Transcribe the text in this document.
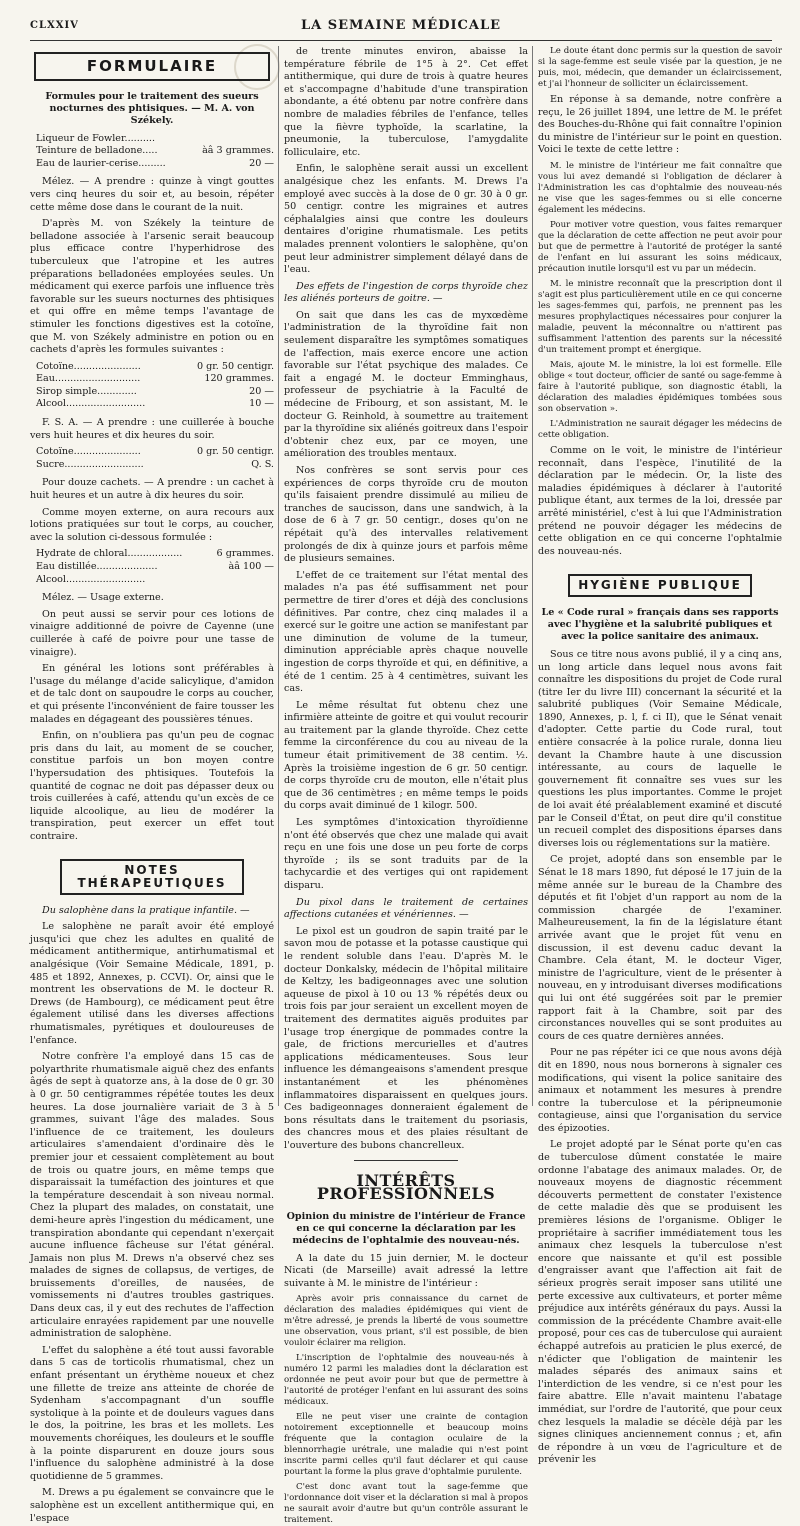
CLXXIV	LA SEMAINE MÉDICALE
FORMULAIRE
Formules pour le traitement des sueurs nocturnes des phtisiques. — M. A. von Székely.
Liqueur de Fowler..........
Teinture de belladone.....	àâ 3 grammes.
Eau de laurier-cerise.........	20 —

Mélez. — A prendre : quinze à vingt gouttes vers cinq heures du soir et, au besoin, répéter cette même dose dans le courant de la nuit.

D'après M. von Székely la teinture de belladone associée à l'arsenic serait beaucoup plus efficace contre l'hyperhidrose des tuberculeux que l'atropine et les autres préparations belladonées employées seules. Un médicament qui exerce parfois une influence très favorable sur les sueurs nocturnes des phtisiques et qui offre en même temps l'avantage de stimuler les fonctions digestives est la cotoïne, que M. von Székely administre en potion ou en cachets d'après les formules suivantes :

Cotoïne......................	0 gr. 50 centigr.
Eau............................	120 grammes.
Sirop simple.............	20 —
Alcool..........................	10 —

F. S. A. — A prendre : une cuillerée à bouche vers huit heures et dix heures du soir.

Cotoïne......................	0 gr. 50 centigr.
Sucre..........................	Q. S.

Pour douze cachets. — A prendre : un cachet à huit heures et un autre à dix heures du soir.

Comme moyen externe, on aura recours aux lotions pratiquées sur tout le corps, au coucher, avec la solution ci-dessous formulée :

Hydrate de chloral..................	6 grammes.
Eau distillée....................	àâ 100 —
Alcool..........................

Mélez. — Usage externe.

On peut aussi se servir pour ces lotions de vinaigre additionné de poivre de Cayenne (une cuillerée à café de poivre pour une tasse de vinaigre).

En général les lotions sont préférables à l'usage du mélange d'acide salicylique, d'amidon et de talc dont on saupoudre le corps au coucher, et qui présente l'inconvénient de faire tousser les malades en dégageant des poussières ténues.

Enfin, on n'oubliera pas qu'un peu de cognac pris dans du lait, au moment de se coucher, constitue parfois un bon moyen contre l'hypersudation des phtisiques. Toutefois la quantité de cognac ne doit pas dépasser deux ou trois cuillerées à café, attendu qu'un excès de ce liquide alcoolique, au lieu de modérer la transpiration, peut exercer un effet tout contraire.

NOTES THÉRAPEUTIQUES

Du salophène dans la pratique infantile. —

Le salophène ne paraît avoir été employé jusqu'ici que chez les adultes en qualité de médicament antithermique, antirhumatismal et analgésique (Voir Semaine Médicale, 1891, p. 485 et 1892, Annexes, p. CCVI). Or, ainsi que le montrent les observations de M. le docteur R. Drews (de Hambourg), ce médicament peut être également utilisé dans les diverses affections rhumatismales, pyrétiques et douloureuses de l'enfance.

Notre confrère l'a employé dans 15 cas de polyarthrite rhumatismale aiguë chez des enfants âgés de sept à quatorze ans, à la dose de 0 gr. 30 à 0 gr. 50 centigrammes répétée toutes les deux heures. La dose journalière variait de 3 à 5 grammes, suivant l'âge des malades. Sous l'influence de ce traitement, les douleurs articulaires s'amendaient d'ordinaire dès le premier jour et cessaient complètement au bout de trois ou quatre jours, en même temps que disparaissait la tuméfaction des jointures et que la température descendait à son niveau normal. Chez la plupart des malades, on constatait, une demi-heure après l'ingestion du médicament, une transpiration abondante qui cependant n'exerçait aucune influence fâcheuse sur l'état général. Jamais non plus M. Drews n'a observé chez ses malades de signes de collapsus, de vertiges, de bruissements d'oreilles, de nausées, de vomissements ni d'autres troubles gastriques. Dans deux cas, il y eut des rechutes de l'affection articulaire enrayées rapidement par une nouvelle administration de salophène.

L'effet du salophène a été tout aussi favorable dans 5 cas de torticolis rhumatismal, chez un enfant présentant un érythème noueux et chez une fillette de treize ans atteinte de chorée de Sydenham s'accompagnant d'un souffle systolique à la pointe et de douleurs vagues dans le dos, la poitrine, les bras et les mollets. Les mouvements choréiques, les douleurs et le souffle à la pointe disparurent en douze jours sous l'influence du salophène administré à la dose quotidienne de 5 grammes.

M. Drews a pu également se convaincre que le salophène est un excellent antithermique qui, en l'espace

de trente minutes environ, abaisse la température fébrile de 1°5 à 2°. Cet effet antithermique, qui dure de trois à quatre heures et s'accompagne d'habitude d'une transpiration abondante, a été obtenu par notre confrère dans nombre de maladies fébriles de l'enfance, telles que la fièvre typhoïde, la scarlatine, la pneumonie, la tuberculose, l'amygdalite folliculaire, etc.

Enfin, le salophène serait aussi un excellent analgésique chez les enfants. M. Drews l'a employé avec succès à la dose de 0 gr. 30 à 0 gr. 50 centigr. contre les migraines et autres céphalalgies ainsi que contre les douleurs dentaires d'origine rhumatismale. Les petits malades prennent volontiers le salophène, qu'on peut leur administrer simplement délayé dans de l'eau.

Des effets de l'ingestion de corps thyroïde chez les aliénés porteurs de goitre. —

On sait que dans les cas de myxœdème l'administration de la thyroïdine fait non seulement disparaître les symptômes somatiques de l'affection, mais exerce encore une action favorable sur l'état psychique des malades. Ce fait a engagé M. le docteur Emminghaus, professeur de psychiatrie à la Faculté de médecine de Fribourg, et son assistant, M. le docteur G. Reinhold, à soumettre au traitement par la thyroïdine six aliénés goitreux dans l'espoir d'obtenir chez eux, par ce moyen, une amélioration des troubles mentaux.

Nos confrères se sont servis pour ces expériences de corps thyroïde cru de mouton qu'ils faisaient prendre dissimulé au milieu de tranches de saucisson, dans une sandwich, à la dose de 6 à 7 gr. 50 centigr., doses qu'on ne répétait qu'à des intervalles relativement prolongés de dix à quinze jours et parfois même de plusieurs semaines.

L'effet de ce traitement sur l'état mental des malades n'a pas été suffisamment net pour permettre de tirer d'ores et déjà des conclusions définitives. Par contre, chez cinq malades il a exercé sur le goitre une action se manifestant par une diminution de volume de la tumeur, diminution appréciable après chaque nouvelle ingestion de corps thyroïde et qui, en définitive, a été de 1 centim. 25 à 4 centimètres, suivant les cas.

Le même résultat fut obtenu chez une infirmière atteinte de goitre et qui voulut recourir au traitement par la glande thyroïde. Chez cette femme la circonférence du cou au niveau de la tumeur était primitivement de 38 centim. ½. Après la troisième ingestion de 6 gr. 50 centigr. de corps thyroïde cru de mouton, elle n'était plus que de 36 centimètres ; en même temps le poids du corps avait diminué de 1 kilogr. 500.

Les symptômes d'intoxication thyroïdienne n'ont été observés que chez une malade qui avait reçu en une fois une dose un peu forte de corps thyroïde ; ils se sont traduits par de la tachycardie et des vertiges qui ont rapidement disparu.

Du pixol dans le traitement de certaines affections cutanées et vénériennes. —

Le pixol est un goudron de sapin traité par le savon mou de potasse et la potasse caustique qui le rendent soluble dans l'eau. D'après M. le docteur Donkalsky, médecin de l'hôpital militaire de Keltzy, les badigeonnages avec une solution aqueuse de pixol à 10 ou 13 % répétés deux ou trois fois par jour seraient un excellent moyen de traitement des dermatites aiguës produites par l'usage trop énergique de pommades contre la gale, de frictions mercurielles et d'autres applications médicamenteuses. Sous leur influence les démangeaisons s'amendent presque instantanément et les phénomènes inflammatoires disparaissent en quelques jours. Ces badigeonnages donneraient également de bons résultats dans le traitement du psoriasis, des chancres mous et des plaies résultant de l'ouverture des bubons chancrelleux.

INTÉRÊTS PROFESSIONNELS
Opinion du ministre de l'intérieur de France en ce qui concerne la déclaration par les médecins de l'ophtalmie des nouveau-nés.

A la date du 15 juin dernier, M. le docteur Nicati (de Marseille) avait adressé la lettre suivante à M. le ministre de l'intérieur :

Après avoir pris connaissance du carnet de déclaration des maladies épidémiques qui vient de m'être adressé, je prends la liberté de vous soumettre une observation, vous priant, s'il est possible, de bien vouloir éclairer ma religion.

L'inscription de l'ophtalmie des nouveau-nés à numéro 12 parmi les maladies dont la déclaration est ordonnée ne peut avoir pour but que de permettre à l'autorité de protéger l'enfant en lui assurant des soins médicaux.

Elle ne peut viser une crainte de contagion notoirement exceptionnelle et beaucoup moins fréquente que la contagion oculaire de la blennorrhagie urétrale, une maladie qui n'est point inscrite parmi celles qu'il faut déclarer et qui cause pourtant la forme la plus grave d'ophtalmie purulente.

C'est donc avant tout la sage-femme que l'ordonnance doit viser et la déclaration si mal à propos ne saurait avoir d'autre but qu'un contrôle assurant le traitement.

Le doute étant donc permis sur la question de savoir si la sage-femme est seule visée par la question, je ne puis, moi, médecin, que demander un éclaircissement, et j'ai l'honneur de solliciter un éclaircissement.

En réponse à sa demande, notre confrère a reçu, le 26 juillet 1894, une lettre de M. le préfet des Bouches-du-Rhône qui fait connaître l'opinion du ministre de l'intérieur sur le point en question. Voici le texte de cette lettre :

M. le ministre de l'intérieur me fait connaître que vous lui avez demandé si l'obligation de déclarer à l'Administration les cas d'ophtalmie des nouveau-nés ne vise que les sages-femmes ou si elle concerne également les médecins.

Pour motiver votre question, vous faites remarquer que la déclaration de cette affection ne peut avoir pour but que de permettre à l'autorité de protéger la santé de l'enfant en lui assurant les soins médicaux, précaution inutile lorsqu'il est vu par un médecin.

M. le ministre reconnaît que la prescription dont il s'agit est plus particulièrement utile en ce qui concerne les sages-femmes qui, parfois, ne prennent pas les mesures prophylactiques nécessaires pour conjurer la maladie, peuvent la méconnaître ou n'attirent pas suffisamment l'attention des parents sur la nécessité d'un traitement prompt et énergique.

Mais, ajoute M. le ministre, la loi est formelle. Elle oblige « tout docteur, officier de santé ou sage-femme à faire à l'autorité publique, son diagnostic établi, la déclaration des maladies épidémiques tombées sous son observation ».

L'Administration ne saurait dégager les médecins de cette obligation.

Comme on le voit, le ministre de l'intérieur reconnaît, dans l'espèce, l'inutilité de la déclaration par le médecin. Or, la liste des maladies épidémiques à déclarer à l'autorité publique étant, aux termes de la loi, dressée par arrêté ministériel, c'est à lui que l'Administration prétend ne pouvoir dégager les médecins de cette obligation en ce qui concerne l'ophtalmie des nouveau-nés.

HYGIÈNE PUBLIQUE
Le « Code rural » français dans ses rapports avec l'hygiène et la salubrité publiques et avec la police sanitaire des animaux.

Sous ce titre nous avons publié, il y a cinq ans, un long article dans lequel nous avons fait connaître les dispositions du projet de Code rural (titre Ier du livre III) concernant la sécurité et la salubrité publiques (Voir Semaine Médicale, 1890, Annexes, p. l, f. ci II), que le Sénat venait d'adopter. Cette partie du Code rural, tout entière consacrée à la police rurale, donna lieu devant la Chambre haute à une discussion intéressante, au cours de laquelle le gouvernement fit connaître ses vues sur les questions les plus importantes. Comme le projet de loi avait été préalablement examiné et discuté par le Conseil d'État, on peut dire qu'il constitue un recueil complet des dispositions éparses dans diverses lois ou réglementations sur la matière.

Ce projet, adopté dans son ensemble par le Sénat le 18 mars 1890, fut déposé le 17 juin de la même année sur le bureau de la Chambre des députés et fit l'objet d'un rapport au nom de la commission chargée de l'examiner. Malheureusement, la fin de la législature étant arrivée avant que le projet fût venu en discussion, il est devenu caduc devant la Chambre. Cela étant, M. le docteur Viger, ministre de l'agriculture, vient de le présenter à nouveau, en y introduisant diverses modifications qui lui ont été suggérées soit par le premier rapport fait à la Chambre, soit par des circonstances nouvelles qui se sont produites au cours de ces quatre dernières années.

Pour ne pas répéter ici ce que nous avons déjà dit en 1890, nous nous bornerons à signaler ces modifications, qui visent la police sanitaire des animaux et notamment les mesures à prendre contre la tuberculose et la péripneumonie contagieuse, ainsi que l'organisation du service des épizooties.

Le projet adopté par le Sénat porte qu'en cas de tuberculose dûment constatée le maire ordonne l'abatage des animaux malades. Or, de nouveaux moyens de diagnostic récemment découverts permettent de constater l'existence de cette maladie dès que se produisent les premières lésions de l'organisme. Obliger le propriétaire à sacrifier immédiatement tous les animaux chez lesquels la tuberculose n'est encore que naissante et qu'il est possible d'engraisser avant que l'affection ait fait de sérieux progrès serait imposer sans utilité une perte excessive aux cultivateurs, et porter même préjudice aux intérêts généraux du pays. Aussi la commission de la précédente Chambre avait-elle proposé, pour ces cas de tuberculose qui auraient échappé autrefois au praticien le plus exercé, de n'édicter que l'obligation de maintenir les malades séparés des animaux sains et l'interdiction de les vendre, si ce n'est pour les faire abattre. Elle n'avait maintenu l'abatage immédiat, sur l'ordre de l'autorité, que pour ceux chez lesquels la maladie se décèle déjà par les signes cliniques anciennement connus ; et, afin de répondre à un vœu de l'agriculture et de prévenir les
